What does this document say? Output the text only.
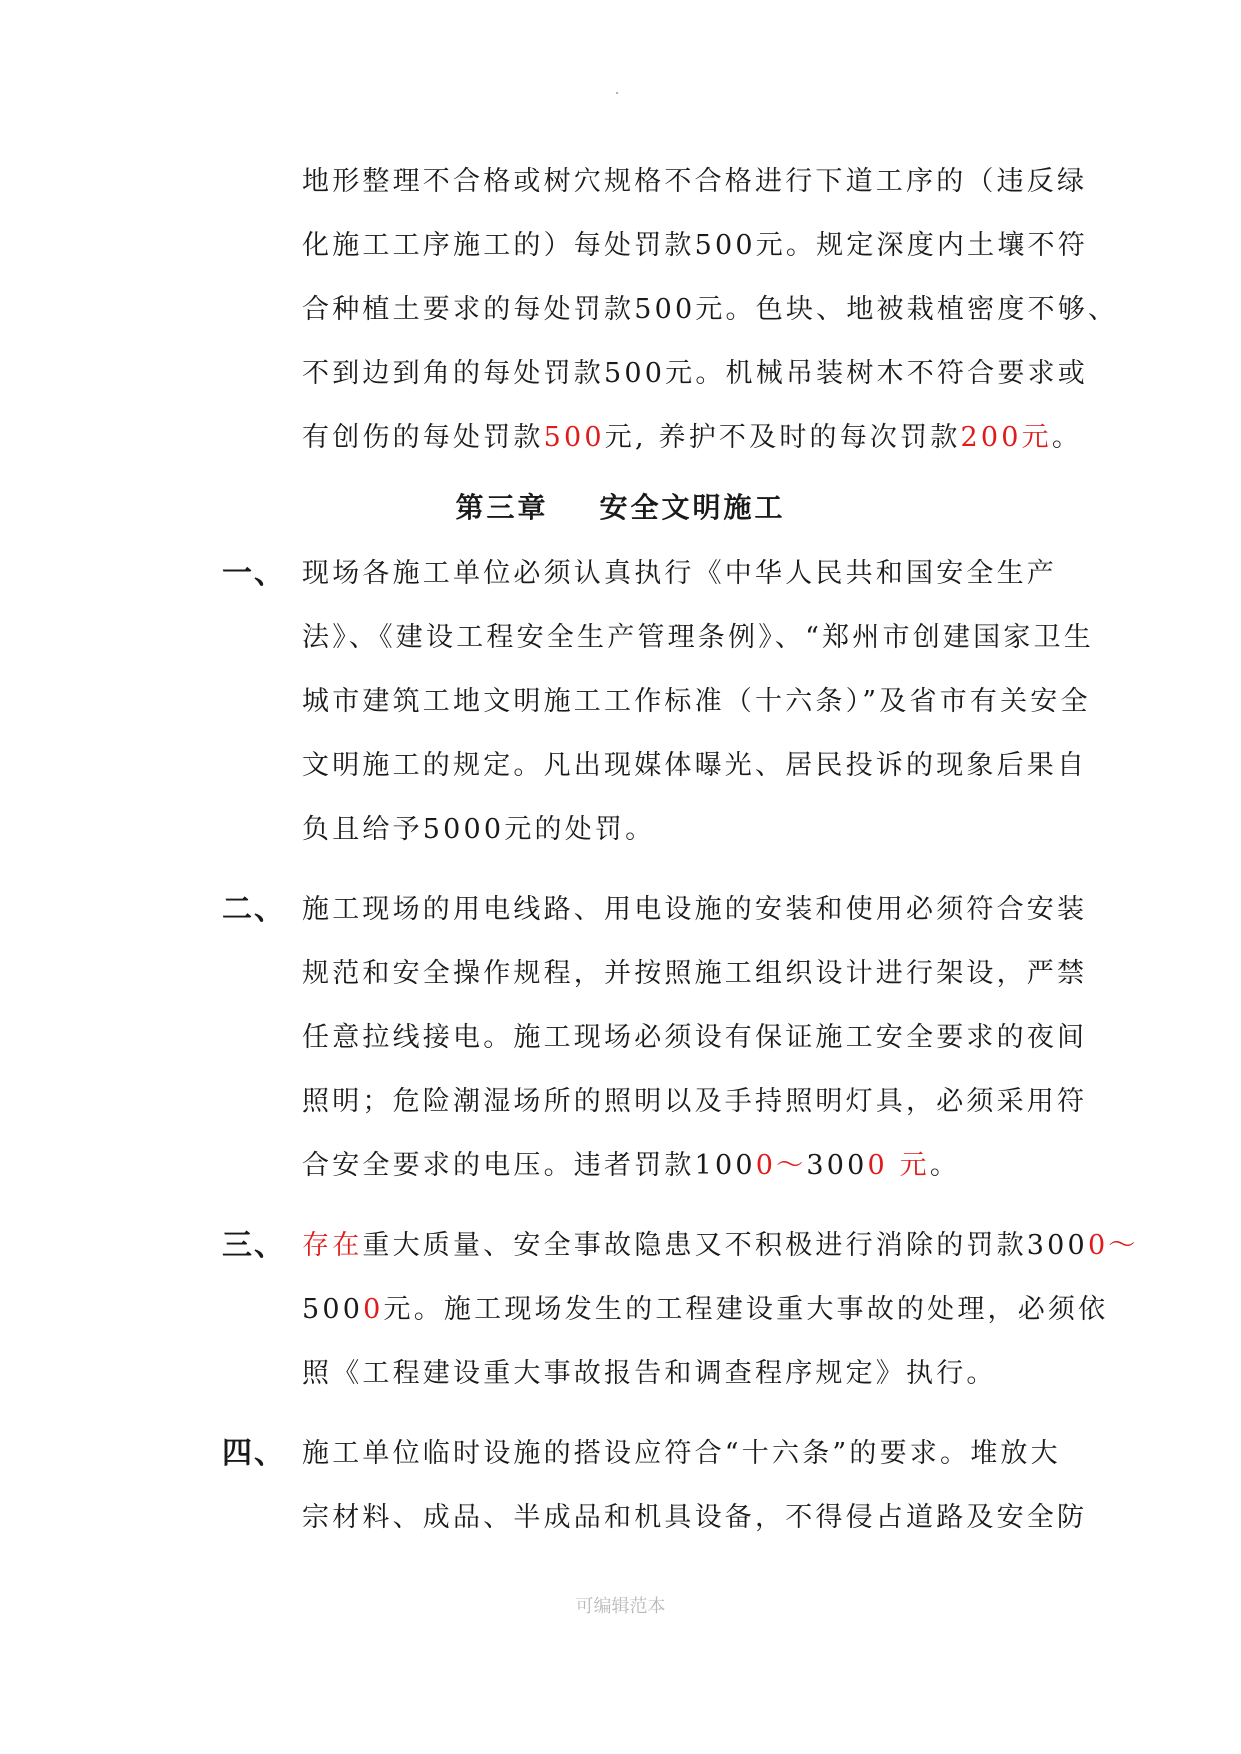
地形整理不合格或树穴规格不合格进行下道工序的（违反绿
化施工工序施工的）每处罚款500元。规定深度内土壤不符
合种植土要求的每处罚款500元。色块、地被栽植密度不够、
不到边到角的每处罚款500元。机械吊装树木不符合要求或
有创伤的每处罚款500元, 养护不及时的每次罚款200元。
第三章    安全文明施工
一、 现场各施工单位必须认真执行《中华人民共和国安全生产
法》、《建设工程安全生产管理条例》、“郑州市创建国家卫生
城市建筑工地文明施工工作标准（十六条）”及省市有关安全
文明施工的规定。凡出现媒体曝光、居民投诉的现象后果自
负且给予5000元的处罚。
二、 施工现场的用电线路、用电设施的安装和使用必须符合安装
规范和安全操作规程，并按照施工组织设计进行架设，严禁
任意拉线接电。施工现场必须设有保证施工安全要求的夜间
照明；危险潮湿场所的照明以及手持照明灯具，必须采用符
合安全要求的电压。违者罚款1000～3000 元。
三、 存在重大质量、安全事故隐患又不积极进行消除的罚款3000～
5000元。施工现场发生的工程建设重大事故的处理，必须依
照《工程建设重大事故报告和调查程序规定》执行。
四、 施工单位临时设施的搭设应符合“十六条”的要求。堆放大
宗材料、成品、半成品和机具设备，不得侵占道路及安全防
可编辑范本
